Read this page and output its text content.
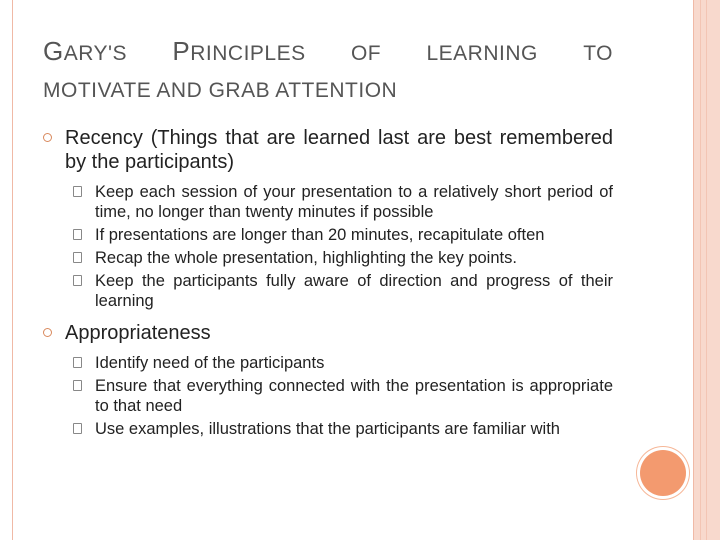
GARY'S PRINCIPLES OF LEARNING TO
MOTIVATE AND GRAB ATTENTION
Recency (Things that are learned last are best remembered by the participants)
Keep each session of your presentation to a relatively short period of time, no longer than twenty minutes if possible
If presentations are longer than 20 minutes, recapitulate often
Recap the whole presentation, highlighting the key points.
Keep the participants fully aware of direction and progress of their learning
Appropriateness
Identify need of the participants
Ensure that everything connected with the presentation is appropriate to that need
Use examples, illustrations that the participants are familiar with
